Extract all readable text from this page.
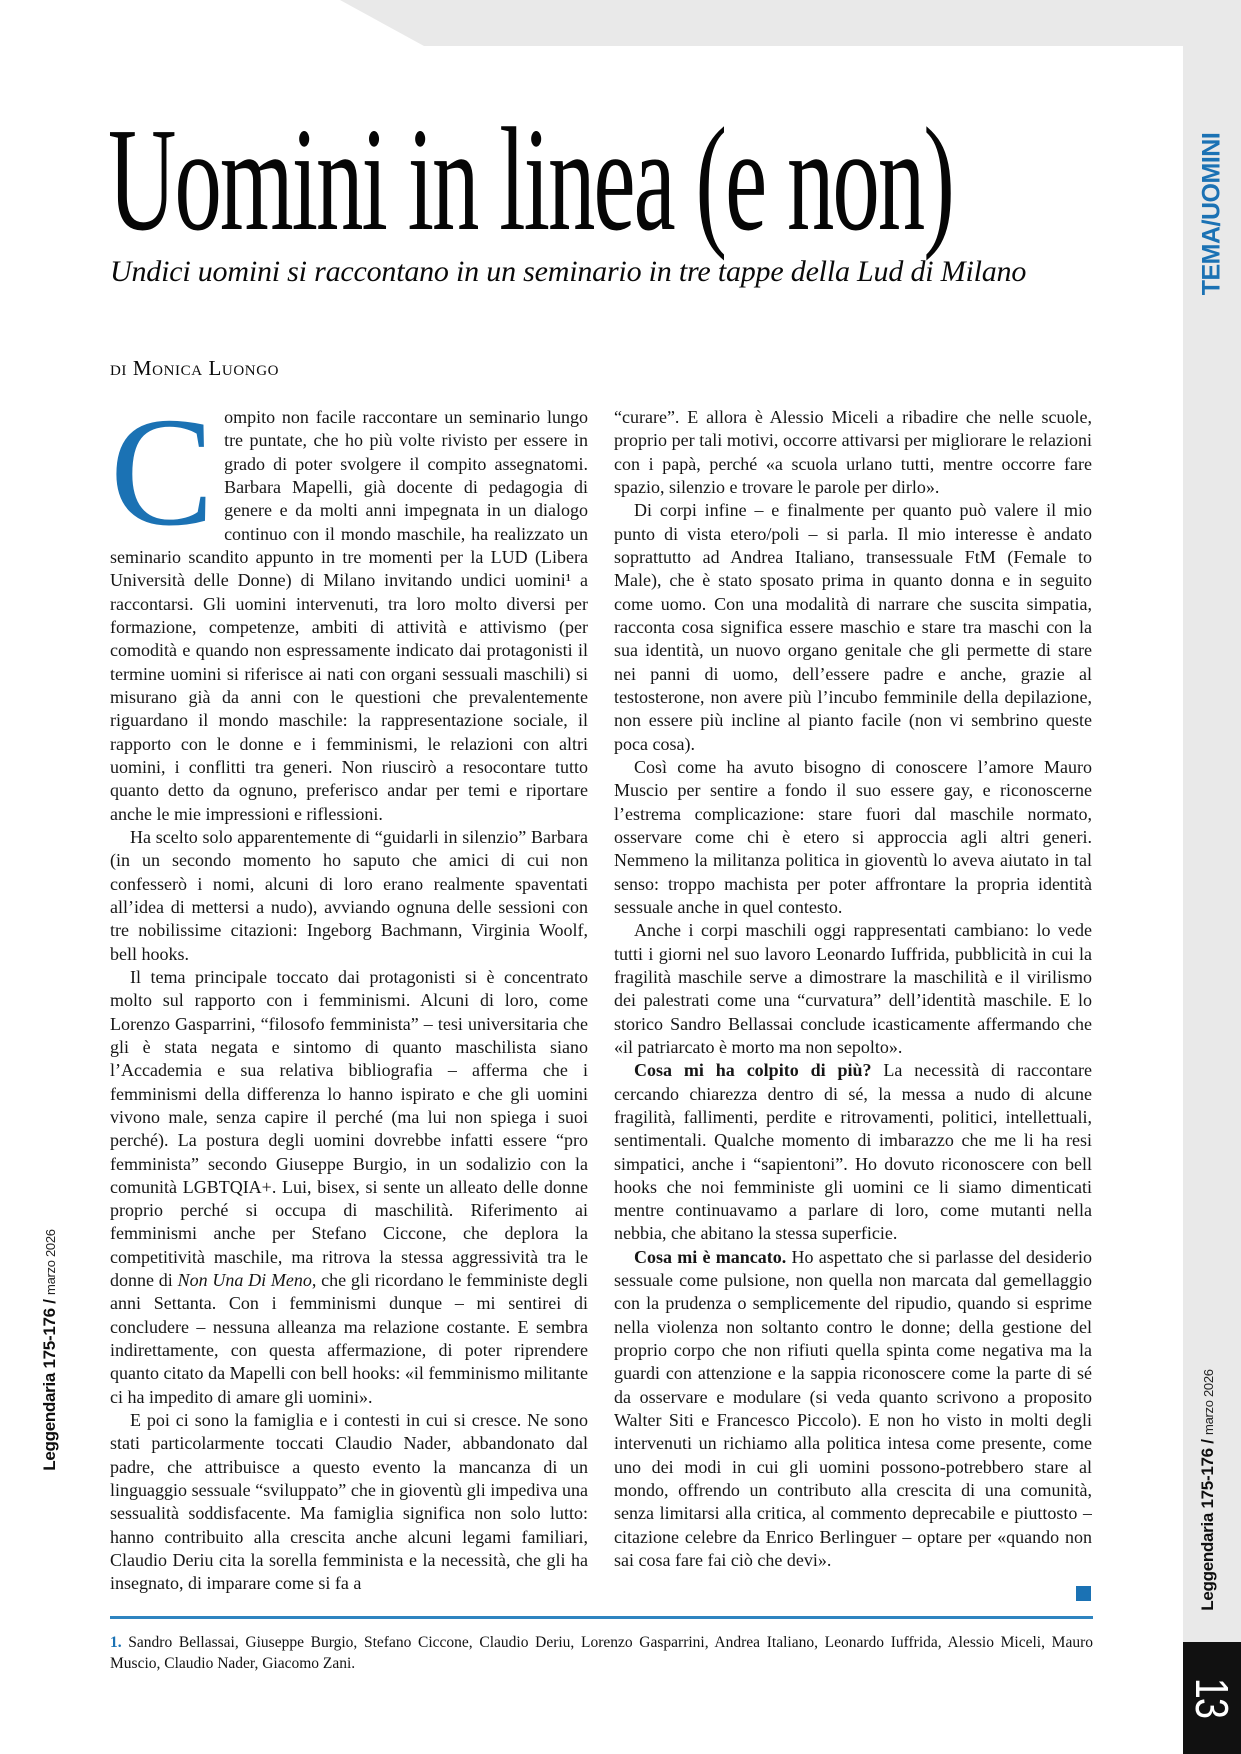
TEMA/UOMINI
Leggendaria 175-176 / marzo 2026
Leggendaria 175-176 / marzo 2026
13
Uomini in linea (e non)
Undici uomini si raccontano in un seminario in tre tappe della Lud di Milano
di Monica Luongo

Compito non facile raccontare un seminario lungo tre puntate, che ho più volte rivisto per essere in grado di poter svolgere il compito assegnatomi. Barbara Mapelli, già docente di pedagogia di genere e da molti anni impegnata in un dialogo continuo con il mondo maschile, ha realizzato un seminario scandito appunto in tre momenti per la LUD (Libera Università delle Donne) di Milano invitando undici uomini¹ a raccontarsi. Gli uomini intervenuti, tra loro molto diversi per formazione, competenze, ambiti di attività e attivismo (per comodità e quando non espressamente indicato dai protagonisti il termine uomini si riferisce ai nati con organi sessuali maschili) si misurano già da anni con le questioni che prevalentemente riguardano il mondo maschile: la rappresentazione sociale, il rapporto con le donne e i femminismi, le relazioni con altri uomini, i conflitti tra generi. Non riuscirò a resocontare tutto quanto detto da ognuno, preferisco andar per temi e riportare anche le mie impressioni e riflessioni.

Ha scelto solo apparentemente di “guidarli in silenzio” Barbara (in un secondo momento ho saputo che amici di cui non confesserò i nomi, alcuni di loro erano realmente spaventati all’idea di mettersi a nudo), avviando ognuna delle sessioni con tre nobilissime citazioni: Ingeborg Bachmann, Virginia Woolf, bell hooks.

Il tema principale toccato dai protagonisti si è concentrato molto sul rapporto con i femminismi. Alcuni di loro, come Lorenzo Gasparrini, “filosofo femminista” – tesi universitaria che gli è stata negata e sintomo di quanto maschilista siano l’Accademia e sua relativa bibliografia – afferma che i femminismi della differenza lo hanno ispirato e che gli uomini vivono male, senza capire il perché (ma lui non spiega i suoi perché). La postura degli uomini dovrebbe infatti essere “pro femminista” secondo Giuseppe Burgio, in un sodalizio con la comunità LGBTQIA+. Lui, bisex, si sente un alleato delle donne proprio perché si occupa di maschilità. Riferimento ai femminismi anche per Stefano Ciccone, che deplora la competitività maschile, ma ritrova la stessa aggressività tra le donne di Non Una Di Meno, che gli ricordano le femministe degli anni Settanta. Con i femminismi dunque – mi sentirei di concludere – nessuna alleanza ma relazione costante. E sembra indirettamente, con questa affermazione, di poter riprendere quanto citato da Mapelli con bell hooks: «il femminismo militante ci ha impedito di amare gli uomini».

E poi ci sono la famiglia e i contesti in cui si cresce. Ne sono stati particolarmente toccati Claudio Nader, abbandonato dal padre, che attribuisce a questo evento la mancanza di un linguaggio sessuale “sviluppato” che in gioventù gli impediva una sessualità soddisfacente. Ma famiglia significa non solo lutto: hanno contribuito alla crescita anche alcuni legami familiari, Claudio Deriu cita la sorella femminista e la necessità, che gli ha insegnato, di imparare come si fa a

“curare”. E allora è Alessio Miceli a ribadire che nelle scuole, proprio per tali motivi, occorre attivarsi per migliorare le relazioni con i papà, perché «a scuola urlano tutti, mentre occorre fare spazio, silenzio e trovare le parole per dirlo».

Di corpi infine – e finalmente per quanto può valere il mio punto di vista etero/poli – si parla. Il mio interesse è andato soprattutto ad Andrea Italiano, transessuale FtM (Female to Male), che è stato sposato prima in quanto donna e in seguito come uomo. Con una modalità di narrare che suscita simpatia, racconta cosa significa essere maschio e stare tra maschi con la sua identità, un nuovo organo genitale che gli permette di stare nei panni di uomo, dell’essere padre e anche, grazie al testosterone, non avere più l’incubo femminile della depilazione, non essere più incline al pianto facile (non vi sembrino queste poca cosa).

Così come ha avuto bisogno di conoscere l’amore Mauro Muscio per sentire a fondo il suo essere gay, e riconoscerne l’estrema complicazione: stare fuori dal maschile normato, osservare come chi è etero si approccia agli altri generi. Nemmeno la militanza politica in gioventù lo aveva aiutato in tal senso: troppo machista per poter affrontare la propria identità sessuale anche in quel contesto.

Anche i corpi maschili oggi rappresentati cambiano: lo vede tutti i giorni nel suo lavoro Leonardo Iuffrida, pubblicità in cui la fragilità maschile serve a dimostrare la maschilità e il virilismo dei palestrati come una “curvatura” dell’identità maschile. E lo storico Sandro Bellassai conclude icasticamente affermando che «il patriarcato è morto ma non sepolto».

Cosa mi ha colpito di più? La necessità di raccontare cercando chiarezza dentro di sé, la messa a nudo di alcune fragilità, fallimenti, perdite e ritrovamenti, politici, intellettuali, sentimentali. Qualche momento di imbarazzo che me li ha resi simpatici, anche i “sapientoni”. Ho dovuto riconoscere con bell hooks che noi femministe gli uomini ce li siamo dimenticati mentre continuavamo a parlare di loro, come mutanti nella nebbia, che abitano la stessa superficie.

Cosa mi è mancato. Ho aspettato che si parlasse del desiderio sessuale come pulsione, non quella non marcata dal gemellaggio con la prudenza o semplicemente del ripudio, quando si esprime nella violenza non soltanto contro le donne; della gestione del proprio corpo che non rifiuti quella spinta come negativa ma la guardi con attenzione e la sappia riconoscere come la parte di sé da osservare e modulare (si veda quanto scrivono a proposito Walter Siti e Francesco Piccolo). E non ho visto in molti degli intervenuti un richiamo alla politica intesa come presente, come uno dei modi in cui gli uomini possono-potrebbero stare al mondo, offrendo un contributo alla crescita di una comunità, senza limitarsi alla critica, al commento deprecabile e piuttosto – citazione celebre da Enrico Berlinguer – optare per «quando non sai cosa fare fai ciò che devi».

1. Sandro Bellassai, Giuseppe Burgio, Stefano Ciccone, Claudio Deriu, Lorenzo Gasparrini, Andrea Italiano, Leonardo Iuffrida, Alessio Miceli, Mauro Muscio, Claudio Nader, Giacomo Zani.
